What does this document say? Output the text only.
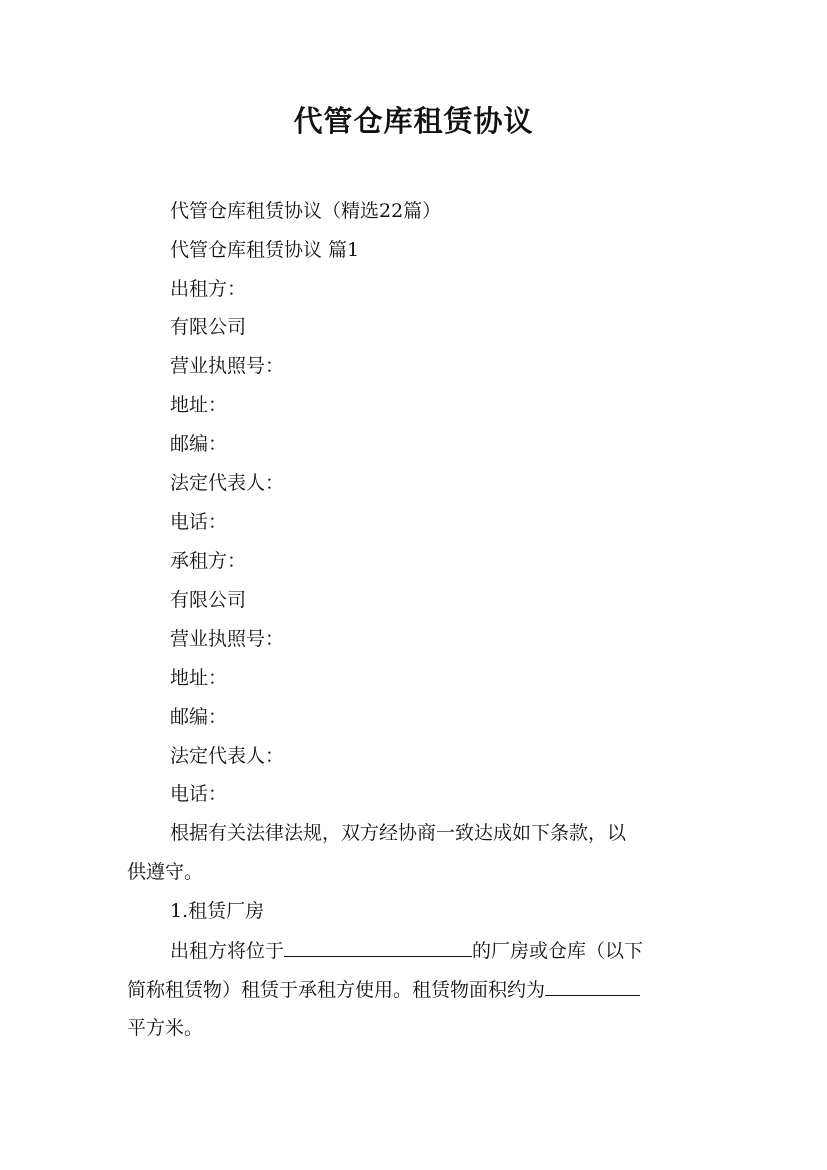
代管仓库租赁协议
代管仓库租赁协议（精选22篇）
代管仓库租赁协议 篇1
出租方：
有限公司
营业执照号：
地址：
邮编：
法定代表人：
电话：
承租方：
有限公司
营业执照号：
地址：
邮编：
法定代表人：
电话：
根据有关法律法规，双方经协商一致达成如下条款，以
供遵守。
1.租赁厂房
出租方将位于	的厂房或仓库（以下
简称租赁物）租赁于承租方使用。租赁物面积约为
平方米。
